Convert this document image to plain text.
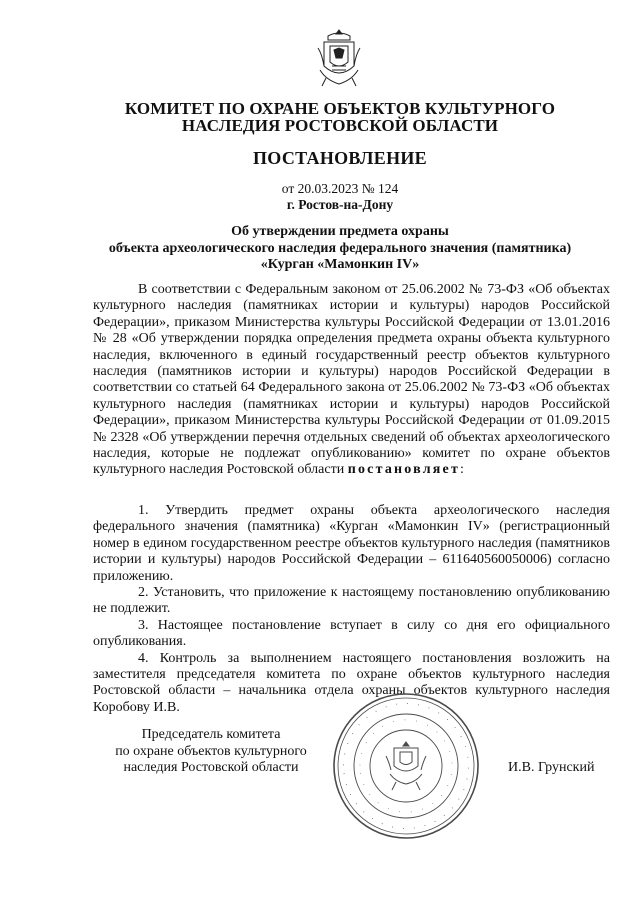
КОМИТЕТ ПО ОХРАНЕ ОБЪЕКТОВ КУЛЬТУРНОГО
НАСЛЕДИЯ РОСТОВСКОЙ ОБЛАСТИ
ПОСТАНОВЛЕНИЕ
от 20.03.2023 № 124
г. Ростов-на-Дону
Об утверждении предмета охраны
объекта археологического наследия федерального значения (памятника)
«Курган «Мамонкин IV»

В соответствии с Федеральным законом от 25.06.2002 № 73-ФЗ «Об объектах культурного наследия (памятниках истории и культуры) народов Российской Федерации», приказом Министерства культуры Российской Федерации от 13.01.2016 № 28 «Об утверждении порядка определения предмета охраны объекта культурного наследия, включенного в единый государственный реестр объектов культурного наследия (памятников истории и культуры) народов Российской Федерации в соответствии со статьей 64 Федерального закона от 25.06.2002 № 73-ФЗ «Об объектах культурного наследия (памятниках истории и культуры) народов Российской Федерации», приказом Министерства культуры Российской Федерации от 01.09.2015 № 2328 «Об утверждении перечня отдельных сведений об объектах археологического наследия, которые не подлежат опубликованию» комитет по охране объектов культурного наследия Ростовской области постановляет:

1. Утвердить предмет охраны объекта археологического наследия федерального значения (памятника) «Курган «Мамонкин IV» (регистрационный номер в едином государственном реестре объектов культурного наследия (памятников истории и культуры) народов Российской Федерации – 611640560050006) согласно приложению.

2. Установить, что приложение к настоящему постановлению опубликованию не подлежит.

3. Настоящее постановление вступает в силу со дня его официального опубликования.

4. Контроль за выполнением настоящего постановления возложить на заместителя председателя комитета по охране объектов культурного наследия Ростовской области – начальника отдела охраны объектов культурного наследия Коробову И.В.

Председатель комитета
по охране объектов культурного
наследия Ростовской области	· · · · · · · · · · · · · · · · · · · · · · · · · · · · · · · · · · · ·
· · · · · · · · · · · · · · · · · · · · · · · · ·	И.В. Грунский
